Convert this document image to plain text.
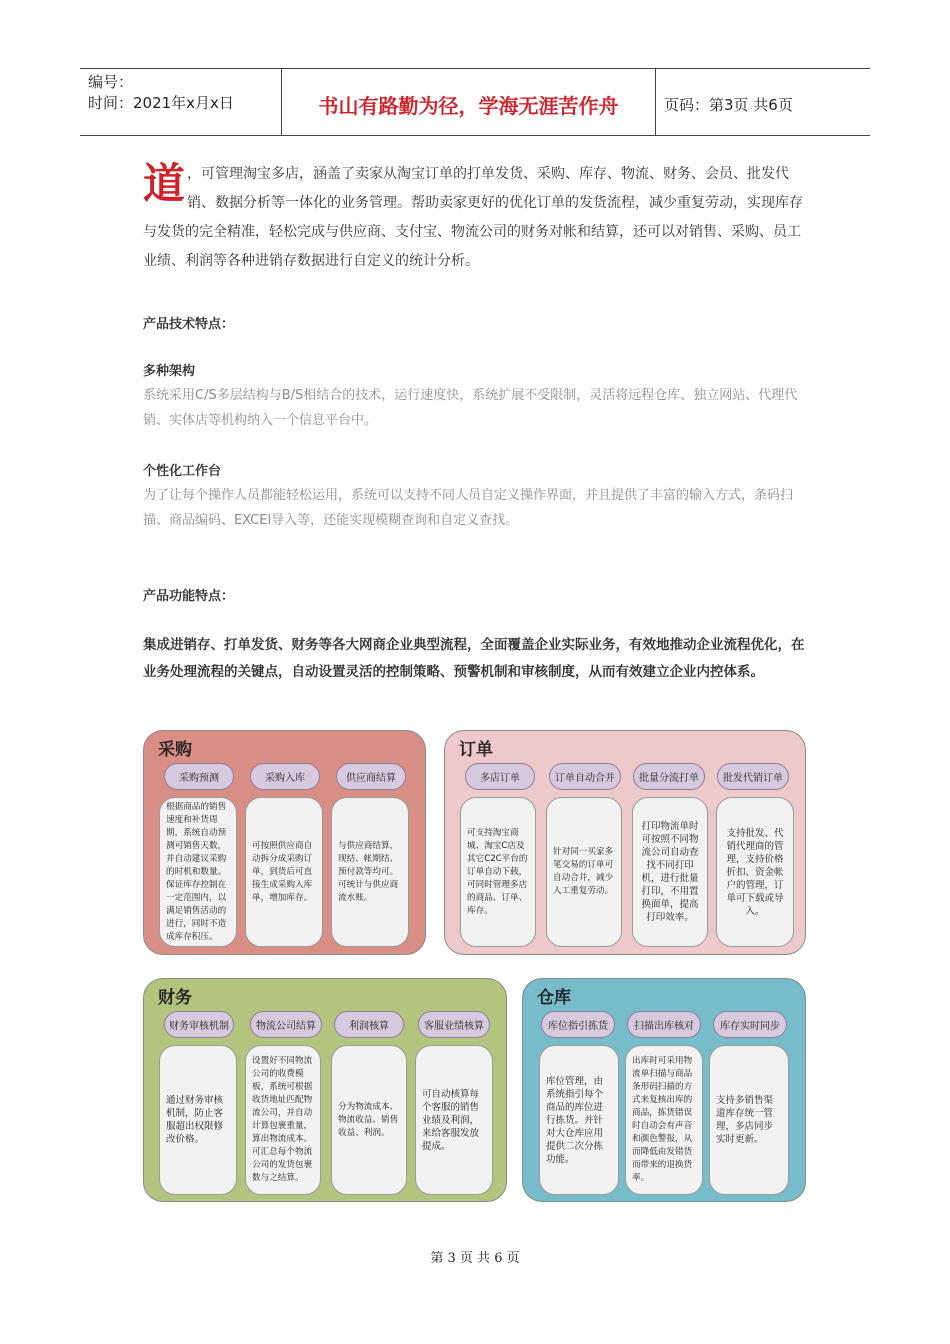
编号：
时间：2021年x月x日	书山有路勤为径，学海无涯苦作舟	页码：第3页 共6页
道 ，可管理淘宝多店，涵盖了卖家从淘宝订单的打单发货、采购、库存、物流、财务、会员、批发代销、数据分析等一体化的业务管理。帮助卖家更好的优化订单的发货流程，减少重复劳动，实现库存与发货的完全精准，轻松完成与供应商、支付宝、物流公司的财务对帐和结算，还可以对销售、采购、员工业绩、利润等各种进销存数据进行自定义的统计分析。
产品技术特点：
多种架构
系统采用C/S多层结构与B/S相结合的技术，运行速度快，系统扩展不受限制，灵活将远程仓库、独立网站、代理代销、实体店等机构纳入一个信息平台中。
个性化工作台
为了让每个操作人员都能轻松运用，系统可以支持不同人员自定义操作界面，并且提供了丰富的输入方式，条码扫描、商品编码、EXCEl导入等，还能实现模糊查询和自定义查找。
产品功能特点：
集成进销存、打单发货、财务等各大网商企业典型流程，全面覆盖企业实际业务，有效地推动企业流程优化，在业务处理流程的关键点，自动设置灵活的控制策略、预警机制和审核制度，从而有效建立企业内控体系。
采购
采购预测	采购入库	供应商结算
根据商品的销售速度和补货周期，系统自动预测可销售天数，并自动建议采购的时机和数量。保证库存控制在一定范围内，以满足销售活动的进行，同时不造成库存积压。
可按照供应商自动拆分成采购订单，到货后可直接生成采购入库单，增加库存。
与供应商结算，现结、帐期结、预付款等均可。可统计与供应商流水账。
订单
多店订单	订单自动合并	批量分流打单	批发代销订单
可支持淘宝商城、淘宝C店及其它C2C平台的订单自动下载，可同时管理多店的商品、订单、库存。
针对同一买家多笔交易的订单可自动合并，减少人工重复劳动。
打印物流单时可按照不同物流公司自动查找不同打印机，进行批量打印，不用置换面单，提高打印效率。
支持批发、代销代理商的管理，支持价格折扣、资金帐户的管理，订单可下载或导入。
财务
财务审核机制	物流公司结算	利润核算	客服业绩核算
通过财务审核机制，防止客服超出权限修改价格。
设置好不同物流公司的收费模板，系统可根据收货地址匹配物流公司，并自动计算包裹重量，算出物流成本。可汇总每个物流公司的发货包裹数与之结算。
分为物流成本、物流收益、销售收益、利润。
可自动核算每个客服的销售业绩及利润，来给客服发放提成。
仓库
库位指引拣货	扫描出库核对	库存实时同步
库位管理，由系统指引每个商品的库位进行拣货。并针对大仓库应用提供二次分拣功能。
出库时可采用物流单扫描与商品条形码扫描的方式来复核出库的商品，拣货错误时自动会有声音和颜色警报，从而降低由发错货而带来的退换货率。
支持多销售渠道库存统一管理，多店同步实时更新。
第 3 页 共 6 页
